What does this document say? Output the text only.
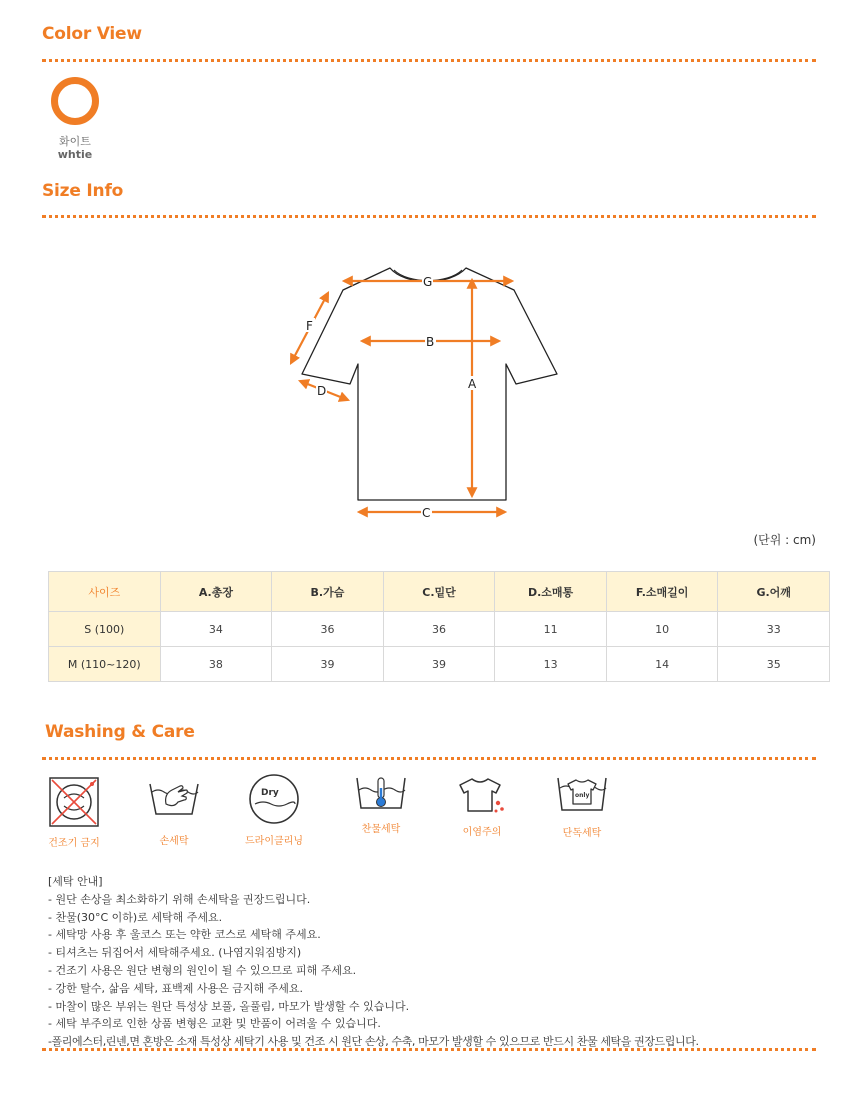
Color View
화이트
whtie
Size Info
G
B
A
C
F
D
(단위 : cm)
사이즈	A.총장	B.가슴	C.밑단	D.소매통	F.소매길이	G.어깨
S (100)	34	36	36	11	10	33
M (110~120)	38	39	39	13	14	35
Washing & Care
건조기 금지	손세탁
Dry
드라이클리닝
찬물세탁	이염주의
only
단독세탁
[세탁 안내]
- 원단 손상을 최소화하기 위해 손세탁을 권장드립니다.
- 찬물(30°C 이하)로 세탁해 주세요.
- 세탁망 사용 후 울코스 또는 약한 코스로 세탁해 주세요.
- 티셔츠는 뒤집어서 세탁해주세요. (나염지워짐방지)
- 건조기 사용은 원단 변형의 원인이 될 수 있으므로 피해 주세요.
- 강한 탈수, 삶음 세탁, 표백제 사용은 금지해 주세요.
- 마찰이 많은 부위는 원단 특성상 보풀, 올풀림, 마모가 발생할 수 있습니다.
- 세탁 부주의로 인한 상품 변형은 교환 및 반품이 어려울 수 있습니다.
-폴리에스터,린넨,면 혼방은 소재 특성상 세탁기 사용 및 건조 시 원단 손상, 수축, 마모가 발생할 수 있으므로 반드시 찬물 세탁을 권장드립니다.
